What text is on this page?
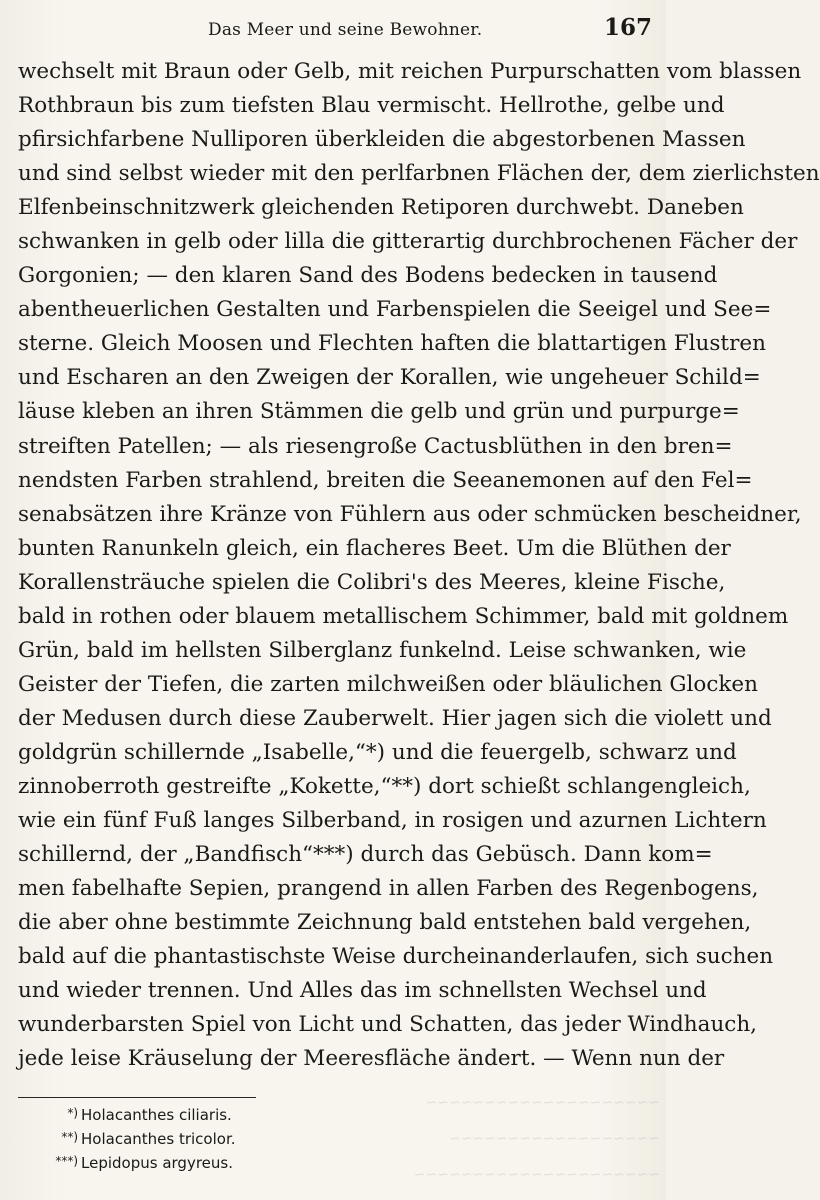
Das Meer und seine Bewohner.	167
wechselt mit Braun oder Gelb, mit reichen Purpurschatten vom blassen
Rothbraun bis zum tiefsten Blau vermischt. Hellrothe, gelbe und
pfirsichfarbene Nulliporen überkleiden die abgestorbenen Massen
und sind selbst wieder mit den perlfarbnen Flächen der, dem zierlichsten
Elfenbeinschnitzwerk gleichenden Retiporen durchwebt. Daneben
schwanken in gelb oder lilla die gitterartig durchbrochenen Fächer der
Gorgonien; — den klaren Sand des Bodens bedecken in tausend
abentheuerlichen Gestalten und Farbenspielen die Seeigel und See=
sterne. Gleich Moosen und Flechten haften die blattartigen Flustren
und Escharen an den Zweigen der Korallen, wie ungeheuer Schild=
läuse kleben an ihren Stämmen die gelb und grün und purpurge=
streiften Patellen; — als riesengroße Cactusblüthen in den bren=
nendsten Farben strahlend, breiten die Seeanemonen auf den Fel=
senabsätzen ihre Kränze von Fühlern aus oder schmücken bescheidner,
bunten Ranunkeln gleich, ein flacheres Beet. Um die Blüthen der
Korallensträuche spielen die Colibri's des Meeres, kleine Fische,
bald in rothen oder blauem metallischem Schimmer, bald mit goldnem
Grün, bald im hellsten Silberglanz funkelnd. Leise schwanken, wie
Geister der Tiefen, die zarten milchweißen oder bläulichen Glocken
der Medusen durch diese Zauberwelt. Hier jagen sich die violett und
goldgrün schillernde „Isabelle,“*) und die feuergelb, schwarz und
zinnoberroth gestreifte „Kokette,“**) dort schießt schlangengleich,
wie ein fünf Fuß langes Silberband, in rosigen und azurnen Lichtern
schillernd, der „Bandfisch“***) durch das Gebüsch. Dann kom=
men fabelhafte Sepien, prangend in allen Farben des Regenbogens,
die aber ohne bestimmte Zeichnung bald entstehen bald vergehen,
bald auf die phantastischste Weise durcheinanderlaufen, sich suchen
und wieder trennen. Und Alles das im schnellsten Wechsel und
wunderbarsten Spiel von Licht und Schatten, das jeder Windhauch,
jede leise Kräuselung der Meeresfläche ändert. — Wenn nun der
~~~~~~~~~~~~~~~~~~~~
~~~~~~~~~~~~~~~~~~
~~~~~~~~~~~~~~~~~~~~~
*) Holacanthes ciliaris.
**) Holacanthes tricolor.
***) Lepidopus argyreus.
